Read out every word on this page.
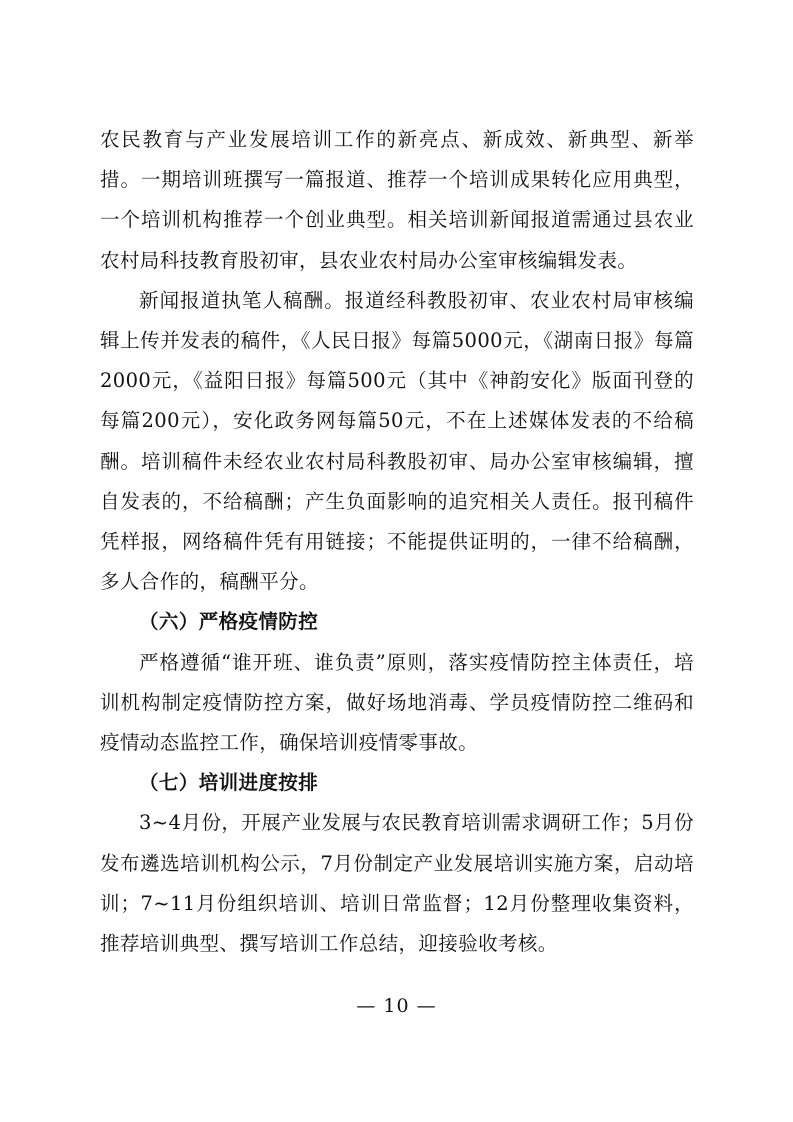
农民教育与产业发展培训工作的新亮点、新成效、新典型、新举措。一期培训班撰写一篇报道、推荐一个培训成果转化应用典型，一个培训机构推荐一个创业典型。相关培训新闻报道需通过县农业农村局科技教育股初审，县农业农村局办公室审核编辑发表。

新闻报道执笔人稿酬。报道经科教股初审、农业农村局审核编辑上传并发表的稿件，《人民日报》每篇5000元，《湖南日报》每篇2000元，《益阳日报》每篇500元（其中《神韵安化》版面刊登的每篇200元），安化政务网每篇50元，不在上述媒体发表的不给稿酬。培训稿件未经农业农村局科教股初审、局办公室审核编辑，擅自发表的，不给稿酬；产生负面影响的追究相关人责任。报刊稿件凭样报，网络稿件凭有用链接；不能提供证明的，一律不给稿酬，多人合作的，稿酬平分。

（六）严格疫情防控

严格遵循“谁开班、谁负责”原则，落实疫情防控主体责任，培训机构制定疫情防控方案，做好场地消毒、学员疫情防控二维码和疫情动态监控工作，确保培训疫情零事故。

（七）培训进度按排

3~4月份，开展产业发展与农民教育培训需求调研工作；5月份发布遴选培训机构公示，7月份制定产业发展培训实施方案，启动培训；7~11月份组织培训、培训日常监督；12月份整理收集资料，推荐培训典型、撰写培训工作总结，迎接验收考核。

— 10 —
